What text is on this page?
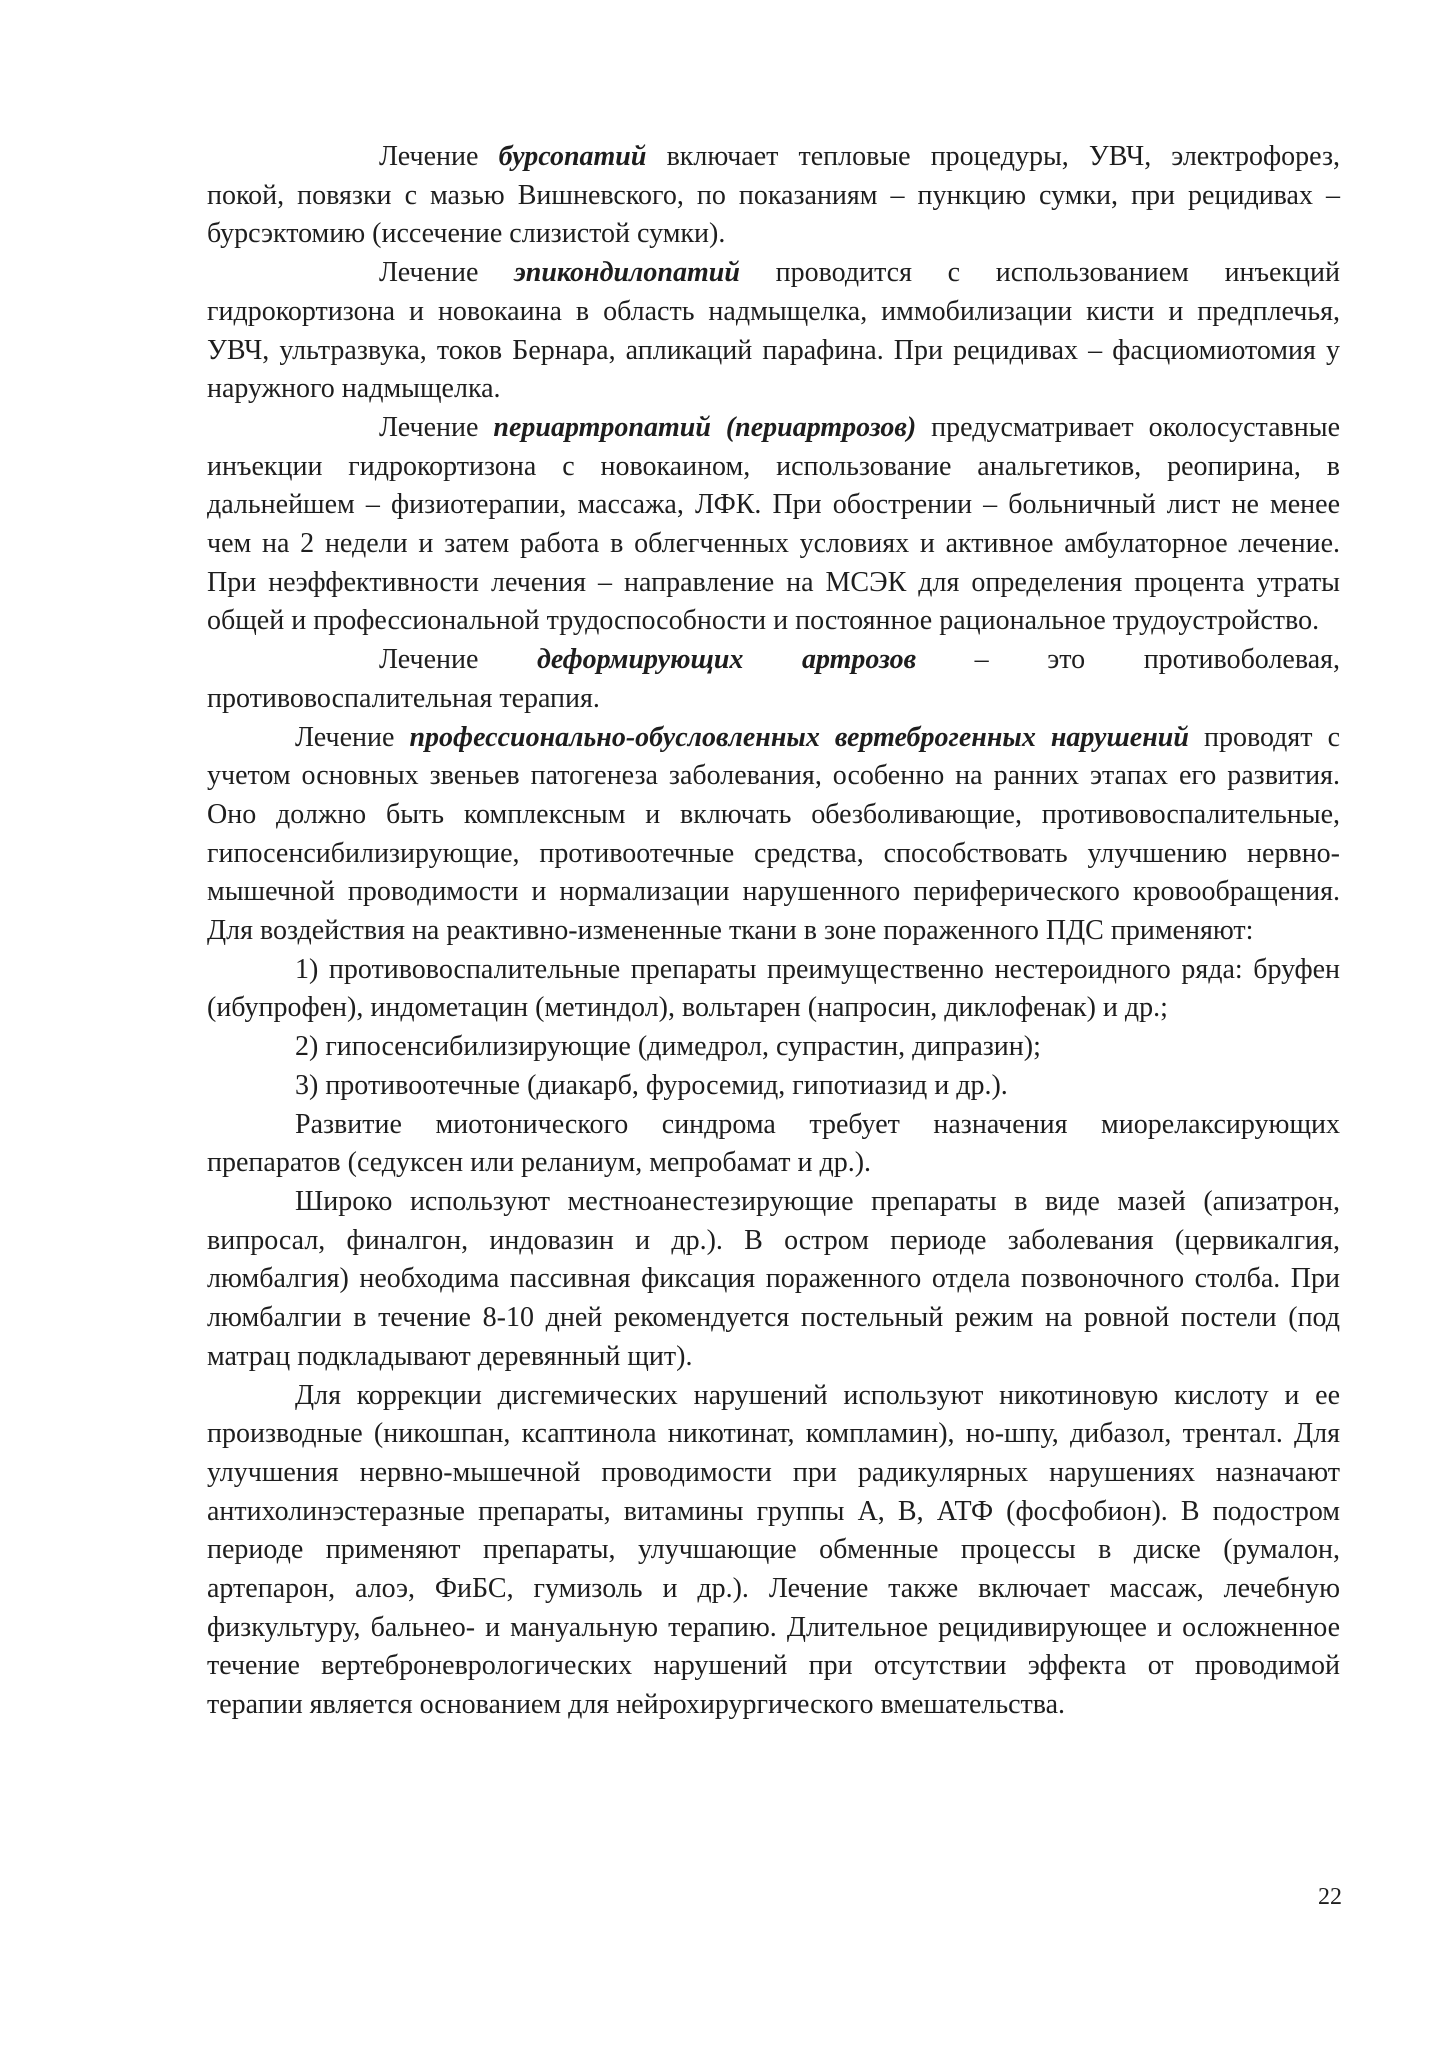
Лечение бурсопатий включает тепловые процедуры, УВЧ, электрофорез, покой, повязки с мазью Вишневского, по показаниям – пункцию сумки, при рецидивах – бурсэктомию (иссечение слизистой сумки).

Лечение эпикондилопатий проводится с использованием инъекций гидрокортизона и новокаина в область надмыщелка, иммобилизации кисти и предплечья, УВЧ, ультразвука, токов Бернара, апликаций парафина. При рецидивах – фасциомиотомия у наружного надмыщелка.

Лечение периартропатий (периартрозов) предусматривает околосуставные инъекции гидрокортизона с новокаином, использование анальгетиков, реопирина, в дальнейшем – физиотерапии, массажа, ЛФК. При обострении – больничный лист не менее чем на 2 недели и затем работа в облегченных условиях и активное амбулаторное лечение. При неэффективности лечения – направление на МСЭК для определения процента утраты общей и профессиональной трудоспособности и постоянное рациональное трудоустройство.

Лечение деформирующих артрозов – это противоболевая, противовоспалительная терапия.

Лечение профессионально-обусловленных вертеброгенных нарушений проводят с учетом основных звеньев патогенеза заболевания, особенно на ранних этапах его развития. Оно должно быть комплексным и включать обезболивающие, противовоспалительные, гипосенсибилизирующие, противоотечные средства, способствовать улучшению нервно-мышечной проводимости и нормализации нарушенного периферического кровообращения. Для воздействия на реактивно-измененные ткани в зоне пораженного ПДС применяют:

1) противовоспалительные препараты преимущественно нестероидного ряда: бруфен (ибупрофен), индометацин (метиндол), вольтарен (напросин, диклофенак) и др.;

2) гипосенсибилизирующие (димедрол, супрастин, дипразин);

3) противоотечные (диакарб, фуросемид, гипотиазид и др.).

Развитие миотонического синдрома требует назначения миорелаксирующих препаратов (седуксен или реланиум, мепробамат и др.).

Широко используют местноанестезирующие препараты в виде мазей (апизатрон, випросал, финалгон, индовазин и др.). В остром периоде заболевания (цервикалгия, люмбалгия) необходима пассивная фиксация пораженного отдела позвоночного столба. При люмбалгии в течение 8-10 дней рекомендуется постельный режим на ровной постели (под матрац подкладывают деревянный щит).

Для коррекции дисгемических нарушений используют никотиновую кислоту и ее производные (никошпан, ксаптинола никотинат, компламин), но-шпу, дибазол, трентал. Для улучшения нервно-мышечной проводимости при радикулярных нарушениях назначают антихолинэстеразные препараты, витамины группы А, В, АТФ (фосфобион). В подостром периоде применяют препараты, улучшающие обменные процессы в диске (румалон, артепарон, алоэ, ФиБС, гумизоль и др.). Лечение также включает массаж, лечебную физкультуру, бальнео- и мануальную терапию. Длительное рецидивирующее и осложненное течение вертеброневрологических нарушений при отсутствии эффекта от проводимой терапии является основанием для нейрохирургического вмешательства.

22
